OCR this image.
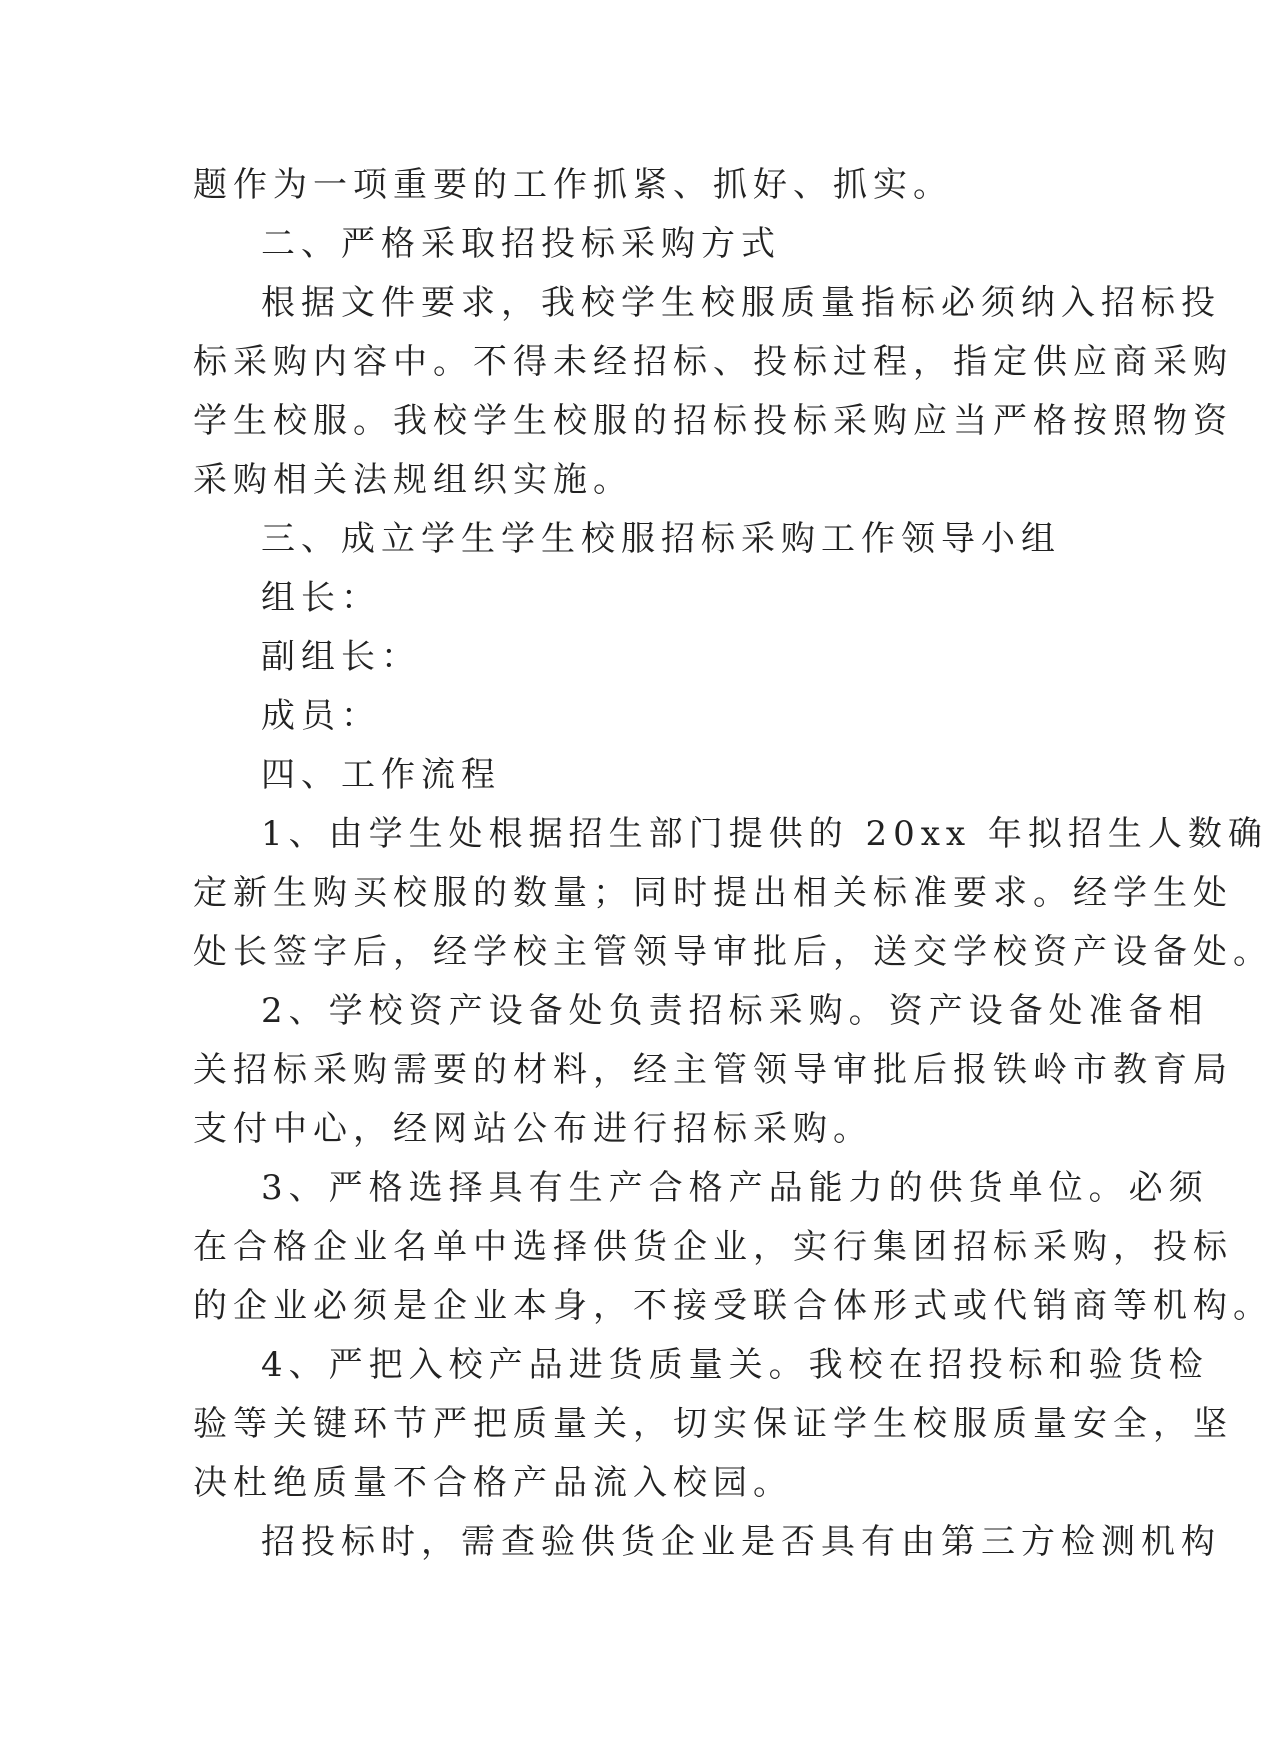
题作为一项重要的工作抓紧、抓好、抓实。

二、严格采取招投标采购方式

根据文件要求，我校学生校服质量指标必须纳入招标投

标采购内容中。不得未经招标、投标过程，指定供应商采购

学生校服。我校学生校服的招标投标采购应当严格按照物资

采购相关法规组织实施。

三、成立学生学生校服招标采购工作领导小组

组长：

副组长：

成员：

四、工作流程

1、由学生处根据招生部门提供的 20xx 年拟招生人数确

定新生购买校服的数量；同时提出相关标准要求。经学生处

处长签字后，经学校主管领导审批后，送交学校资产设备处。

2、学校资产设备处负责招标采购。资产设备处准备相

关招标采购需要的材料，经主管领导审批后报铁岭市教育局

支付中心，经网站公布进行招标采购。

3、严格选择具有生产合格产品能力的供货单位。必须

在合格企业名单中选择供货企业，实行集团招标采购，投标

的企业必须是企业本身，不接受联合体形式或代销商等机构。

4、严把入校产品进货质量关。我校在招投标和验货检

验等关键环节严把质量关，切实保证学生校服质量安全，坚

决杜绝质量不合格产品流入校园。

招投标时，需查验供货企业是否具有由第三方检测机构
